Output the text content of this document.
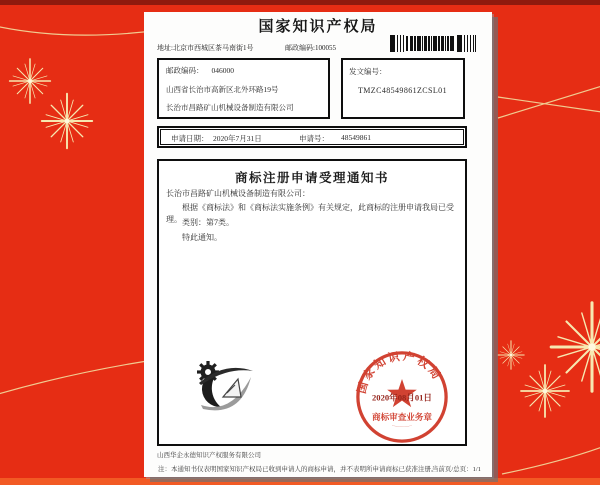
国家知识产权局
地址:北京市西城区茶马南街1号	邮政编码:100055
邮政编码： 046000
山西省长治市高新区北外环路19号
长治市昌路矿山机械设备制造有限公司
发文编号：
TMZC48549861ZCSL01
申请日期： 2020年7月31日	申请号： 48549861
商标注册申请受理通知书
长治市昌路矿山机械设备制造有限公司：
根据《商标法》和《商标法实施条例》有关规定，此商标的注册申请我局已受理。 类别：第7类。
特此通知。
国家知识产权局
2020年08月01日
商标审查业务章
∙∙∙∙∙∙∙∙∙∙∙∙∙∙∙∙∙∙∙∙
山西华企永德知识产权服务有限公司
注：本通知书仅表明国家知识产权局已收到申请人的商标申请，并不表明所申请商标已获准注册。
当前页/总页：1/1
